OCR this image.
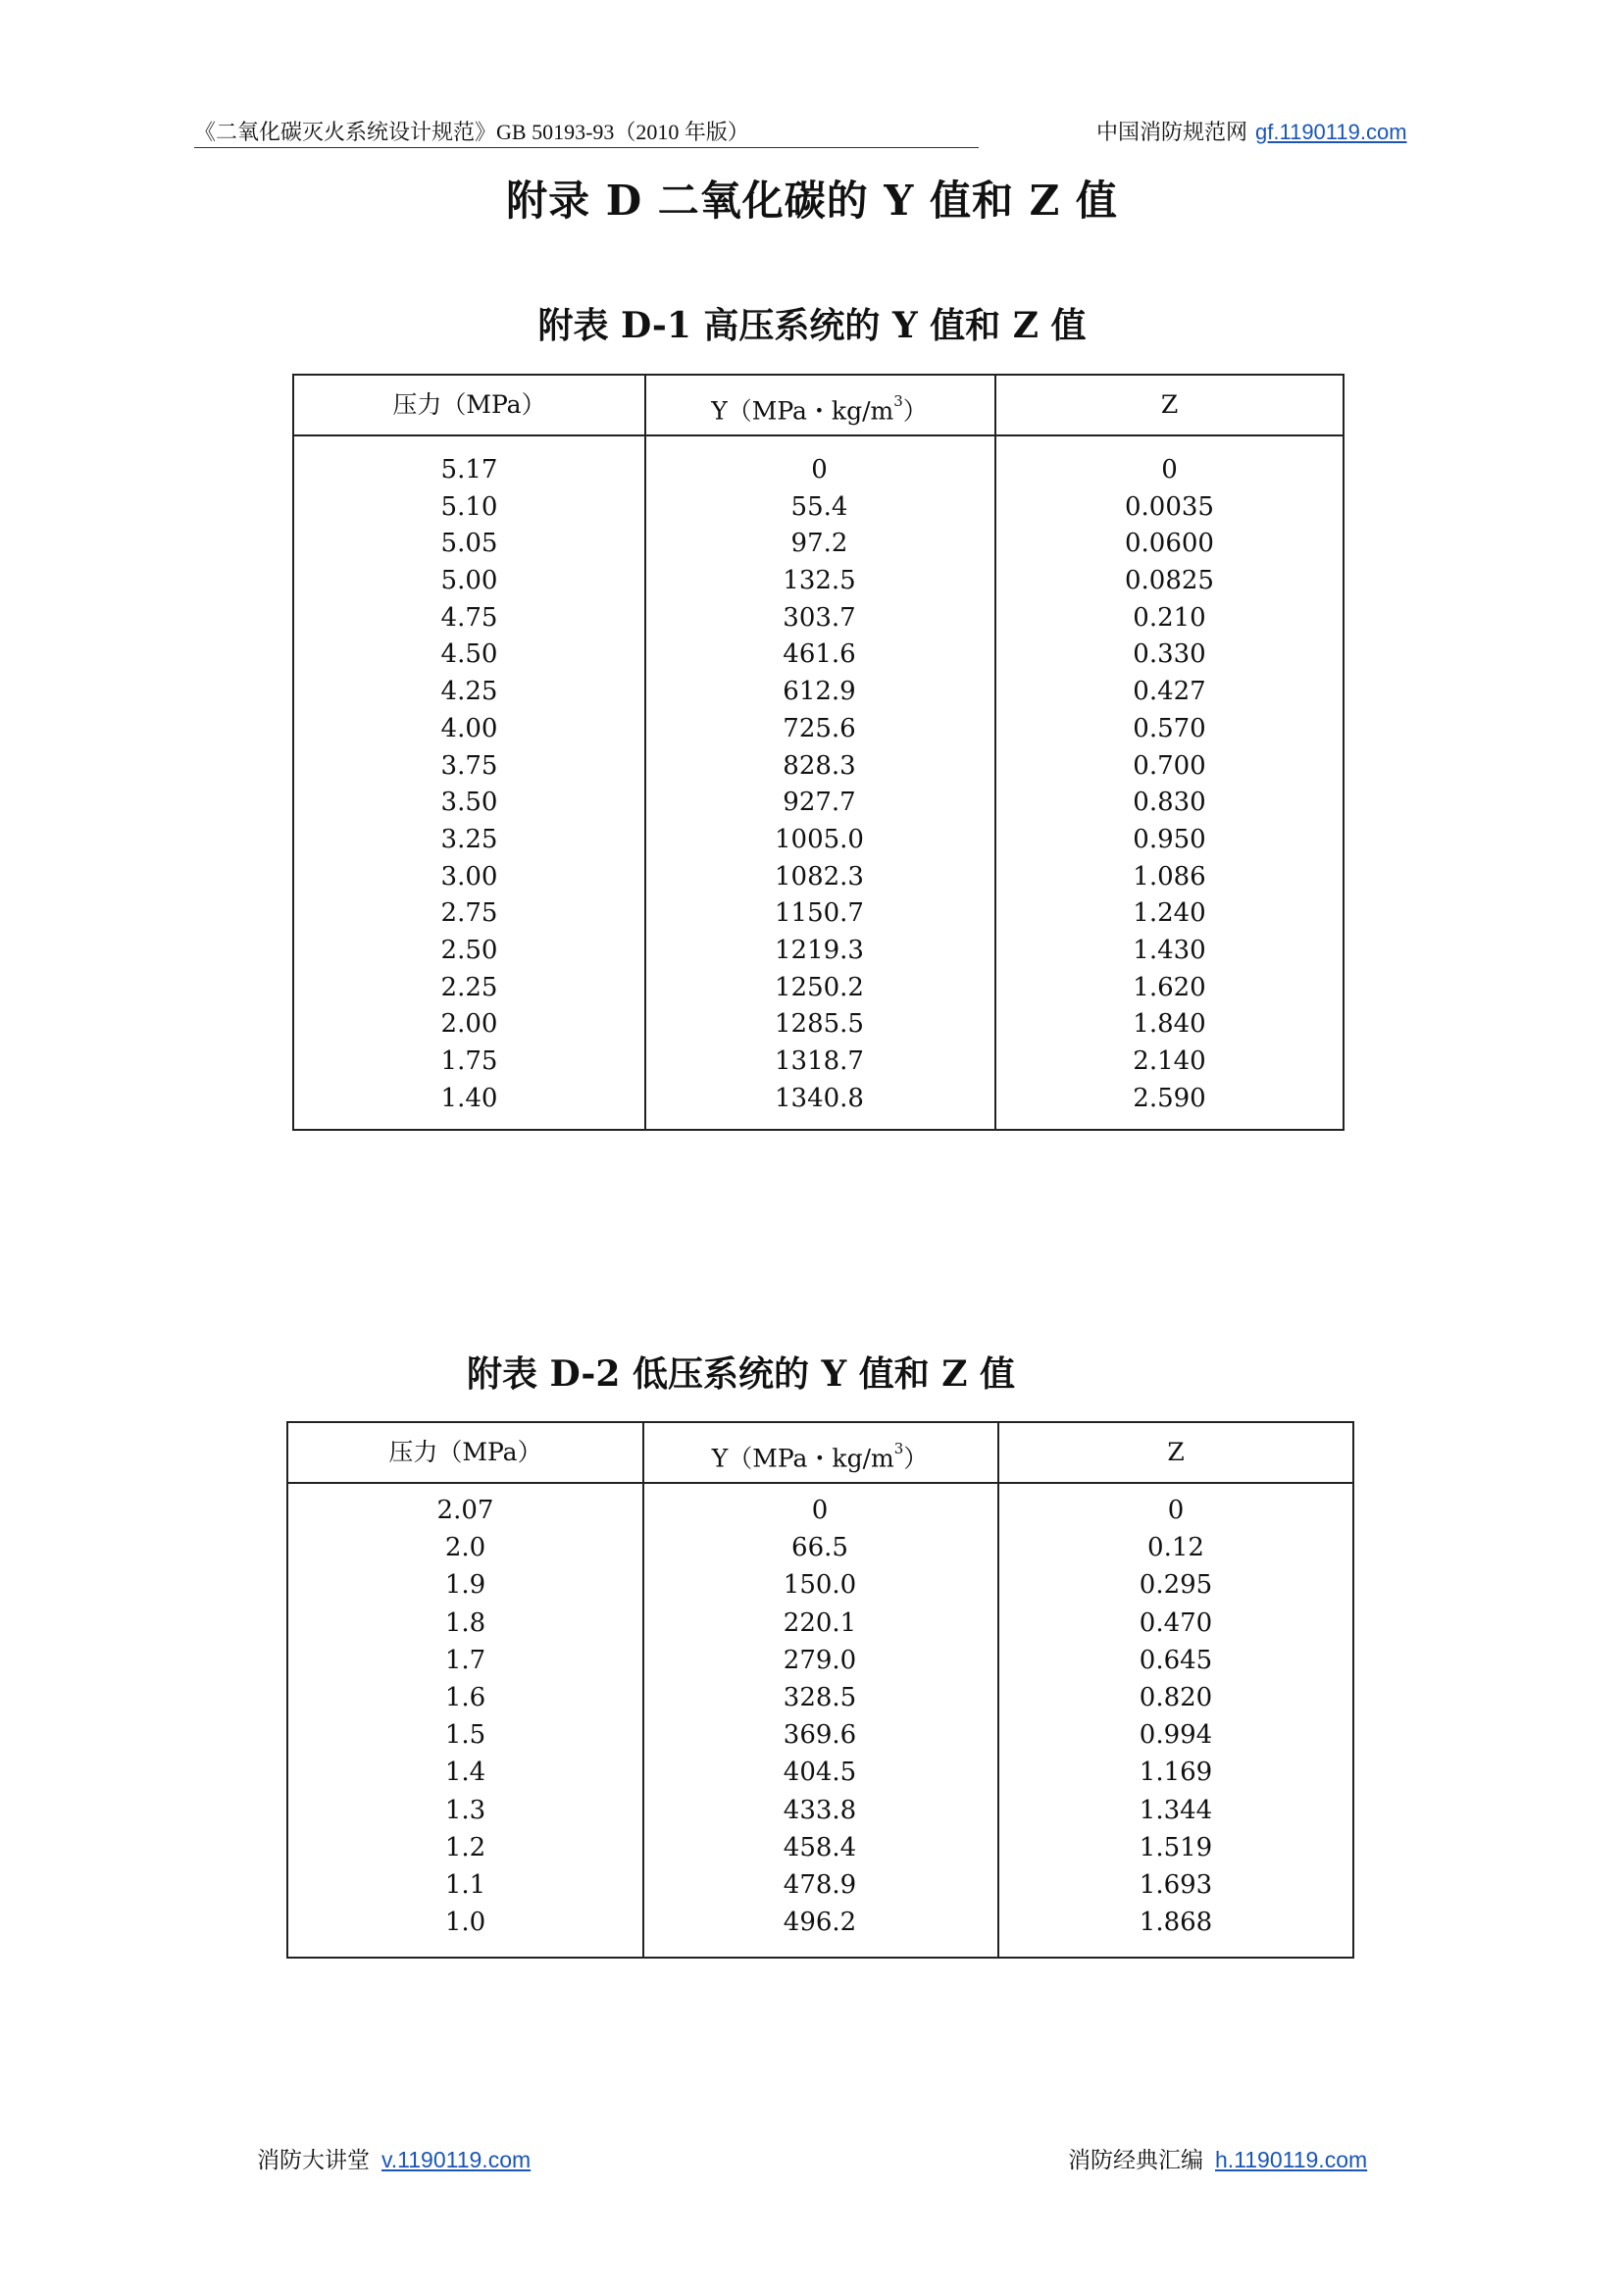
《二氧化碳灭火系统设计规范》GB 50193-93（2010 年版）	中国消防规范网 gf.1190119.com
附录 D 二氧化碳的 Y 值和 Z 值
附表 D-1 高压系统的 Y 值和 Z 值
压力（MPa）	Y（MPa・$kg/m^3$）	Z
5.17	0	0
5.10	55.4	0.0035
5.05	97.2	0.0600
5.00	132.5	0.0825
4.75	303.7	0.210
4.50	461.6	0.330
4.25	612.9	0.427
4.00	725.6	0.570
3.75	828.3	0.700
3.50	927.7	0.830
3.25	1005.0	0.950
3.00	1082.3	1.086
2.75	1150.7	1.240
2.50	1219.3	1.430
2.25	1250.2	1.620
2.00	1285.5	1.840
1.75	1318.7	2.140
1.40	1340.8	2.590
附表 D-2 低压系统的 Y 值和 Z 值
压力（MPa）	Y（MPa・$kg/m^3$）	Z
2.07	0	0
2.0	66.5	0.12
1.9	150.0	0.295
1.8	220.1	0.470
1.7	279.0	0.645
1.6	328.5	0.820
1.5	369.6	0.994
1.4	404.5	1.169
1.3	433.8	1.344
1.2	458.4	1.519
1.1	478.9	1.693
1.0	496.2	1.868
消防大讲堂 v.1190119.com	消防经典汇编 h.1190119.com
